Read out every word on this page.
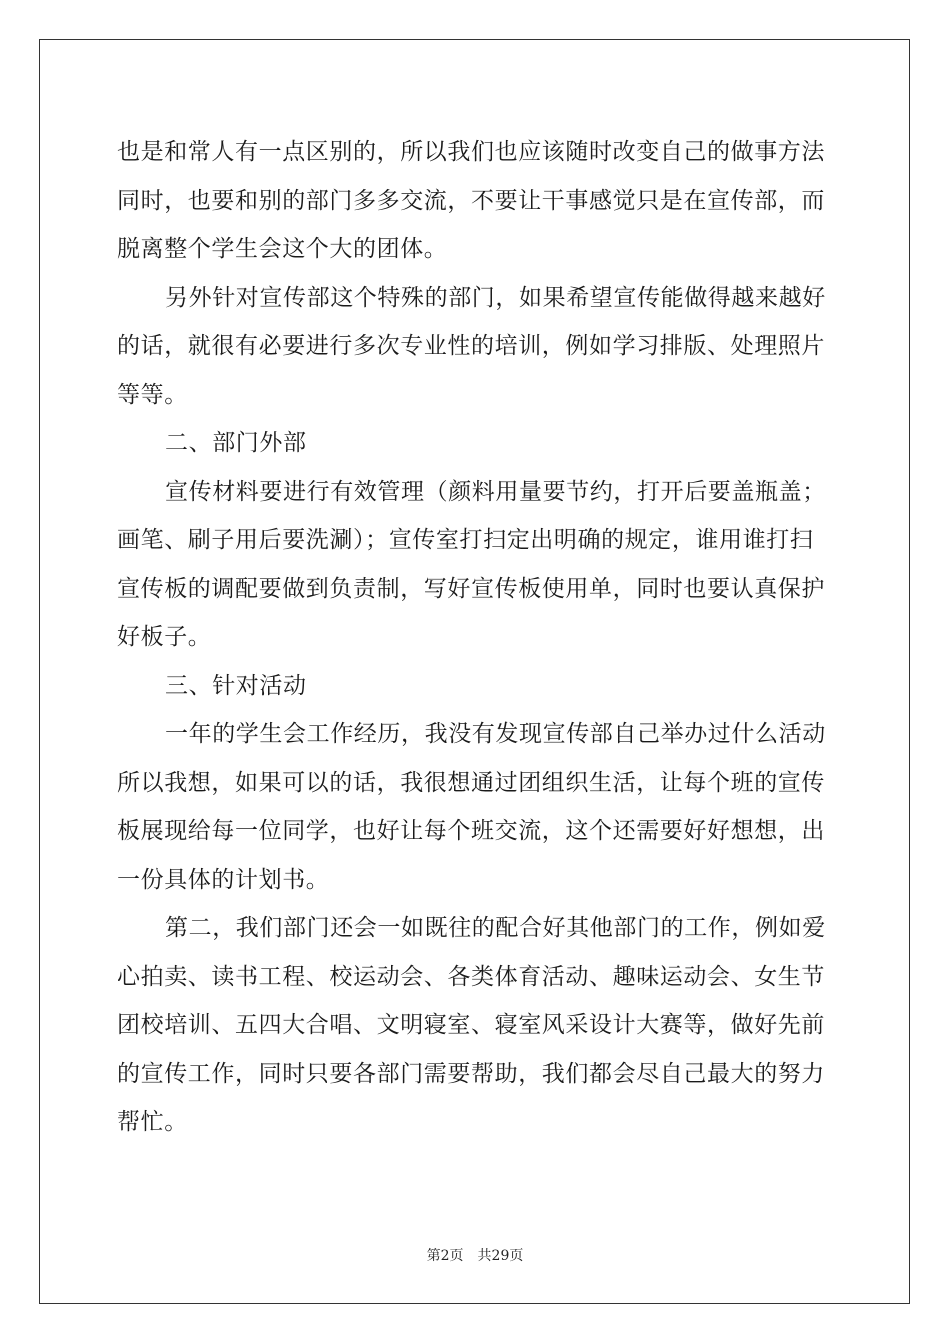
也是和常人有一点区别的，所以我们也应该随时改变自己的做事方法
同时，也要和别的部门多多交流，不要让干事感觉只是在宣传部，而
脱离整个学生会这个大的团体。
另外针对宣传部这个特殊的部门，如果希望宣传能做得越来越好
的话，就很有必要进行多次专业性的培训，例如学习排版、处理照片
等等。
二、部门外部
宣传材料要进行有效管理（颜料用量要节约，打开后要盖瓶盖；
画笔、刷子用后要洗涮）；宣传室打扫定出明确的规定，谁用谁打扫
宣传板的调配要做到负责制，写好宣传板使用单，同时也要认真保护
好板子。
三、针对活动
一年的学生会工作经历，我没有发现宣传部自己举办过什么活动
所以我想，如果可以的话，我很想通过团组织生活，让每个班的宣传
板展现给每一位同学，也好让每个班交流，这个还需要好好想想，出
一份具体的计划书。
第二，我们部门还会一如既往的配合好其他部门的工作，例如爱
心拍卖、读书工程、校运动会、各类体育活动、趣味运动会、女生节
团校培训、五四大合唱、文明寝室、寝室风采设计大赛等，做好先前
的宣传工作，同时只要各部门需要帮助，我们都会尽自己最大的努力
帮忙。
第2页 共29页
